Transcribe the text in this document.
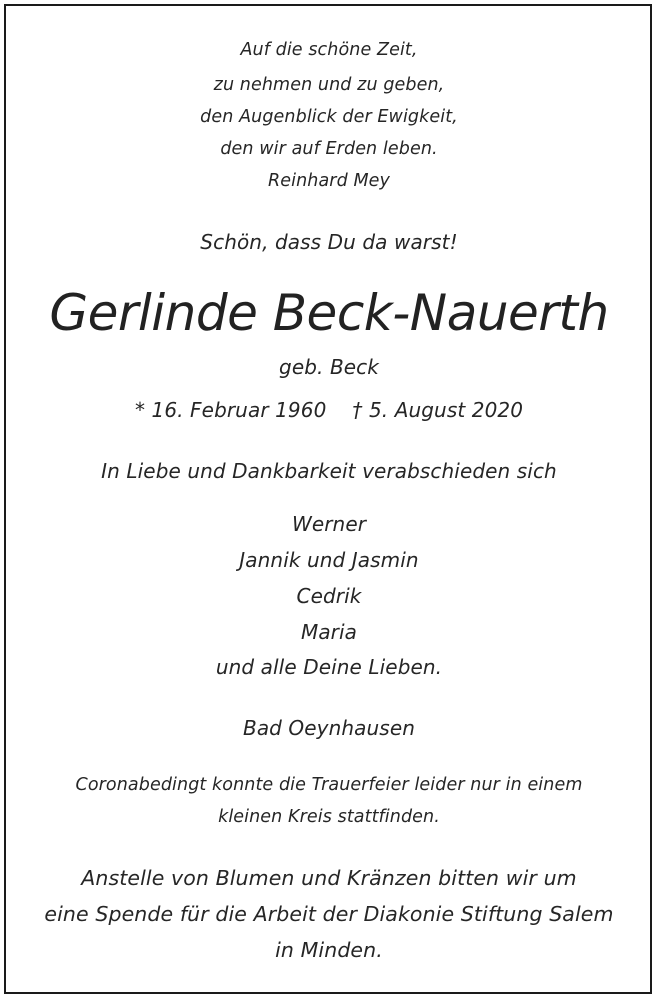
Auf die schöne Zeit,
zu nehmen und zu geben,
den Augenblick der Ewigkeit,
den wir auf Erden leben.
Reinhard Mey
Schön, dass Du da warst!
Gerlinde Beck-Nauerth
geb. Beck
* 16. Februar 1960 † 5. August 2020
In Liebe und Dankbarkeit verabschieden sich
Werner
Jannik und Jasmin
Cedrik
Maria
und alle Deine Lieben.
Bad Oeynhausen
Coronabedingt konnte die Trauerfeier leider nur in einem
kleinen Kreis stattfinden.
Anstelle von Blumen und Kränzen bitten wir um
eine Spende für die Arbeit der Diakonie Stiftung Salem
in Minden.
